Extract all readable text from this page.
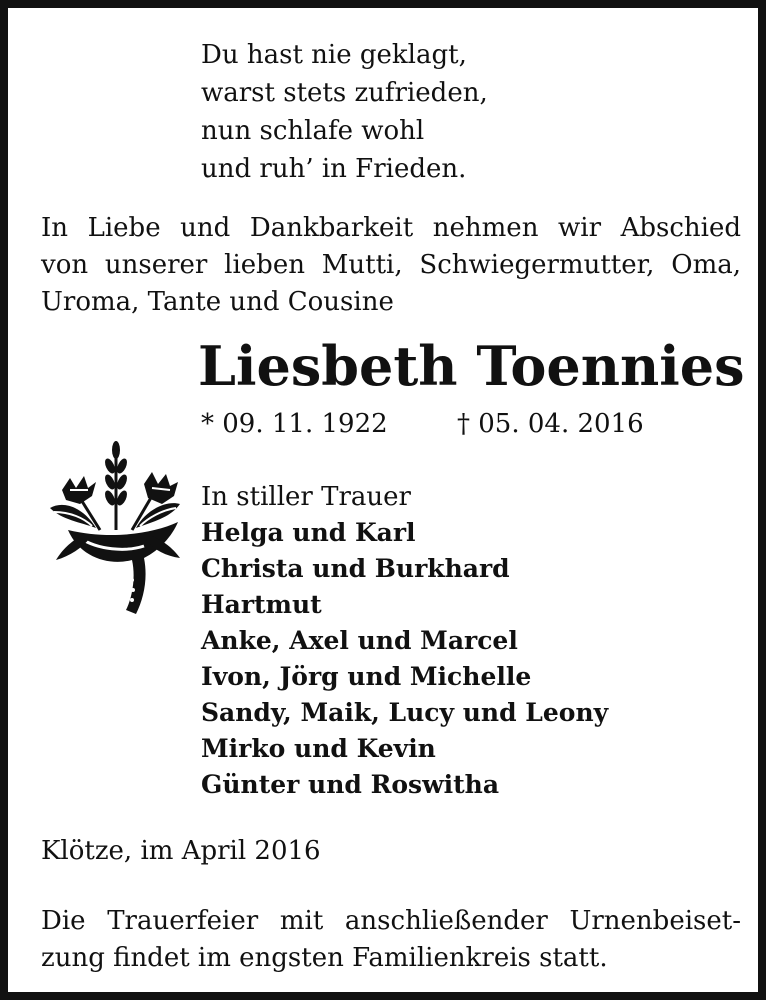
Du hast nie geklagt,
warst stets zufrieden,
nun schlafe wohl
und ruh’ in Frieden.
In Liebe und Dankbarkeit nehmen wir Abschied
von unserer lieben Mutti, Schwiegermutter, Oma,
Uroma, Tante und Cousine
Liesbeth Toennies
* 09. 11. 1922	† 05. 04. 2016
In stiller Trauer
Helga und Karl
Christa und Burkhard
Hartmut
Anke, Axel und Marcel
Ivon, Jörg und Michelle
Sandy, Maik, Lucy und Leony
Mirko und Kevin
Günter und Roswitha
Klötze, im April 2016
Die Trauerfeier mit anschließender Urnenbeiset-
zung findet im engsten Familienkreis statt.
